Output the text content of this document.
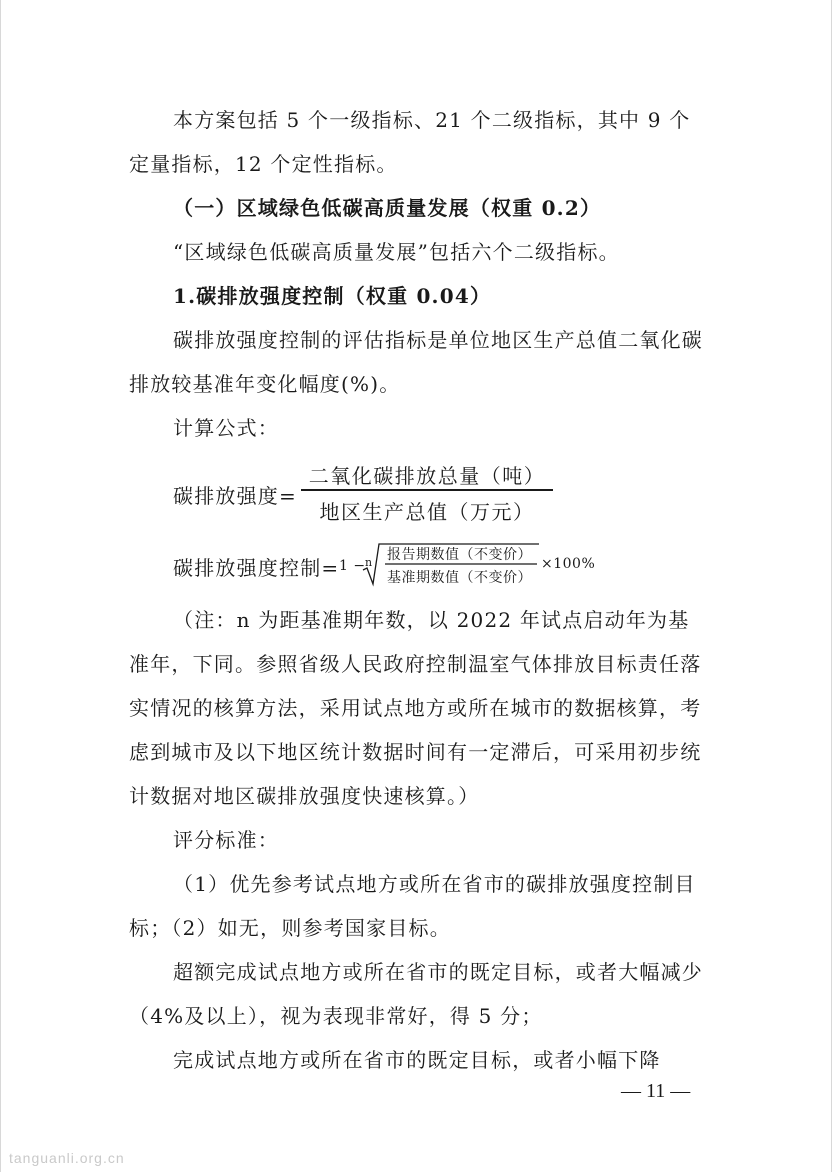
本方案包括 5 个一级指标、21 个二级指标，其中 9 个定量指标，12 个定性指标。

（一）区域绿色低碳高质量发展（权重 0.2）

“区域绿色低碳高质量发展”包括六个二级指标。

1.碳排放强度控制（权重 0.04）

碳排放强度控制的评估指标是单位地区生产总值二氧化碳排放较基准年变化幅度(%)。

计算公式：

碳排放强度=
二氧化碳排放总量（吨）
地区生产总值（万元）
碳排放强度控制= 1 − n 报告期数值（不变价）
基准期数值（不变价）
×100%

（注：n 为距基准期年数，以 2022 年试点启动年为基准年，下同。参照省级人民政府控制温室气体排放目标责任落实情况的核算方法，采用试点地方或所在城市的数据核算，考虑到城市及以下地区统计数据时间有一定滞后，可采用初步统计数据对地区碳排放强度快速核算。）

评分标准：

（1）优先参考试点地方或所在省市的碳排放强度控制目标；（2）如无，则参考国家目标。

超额完成试点地方或所在省市的既定目标，或者大幅减少（4%及以上），视为表现非常好，得 5 分；

完成试点地方或所在省市的既定目标，或者小幅下降

— 11 —
tanguanli.org.cn
